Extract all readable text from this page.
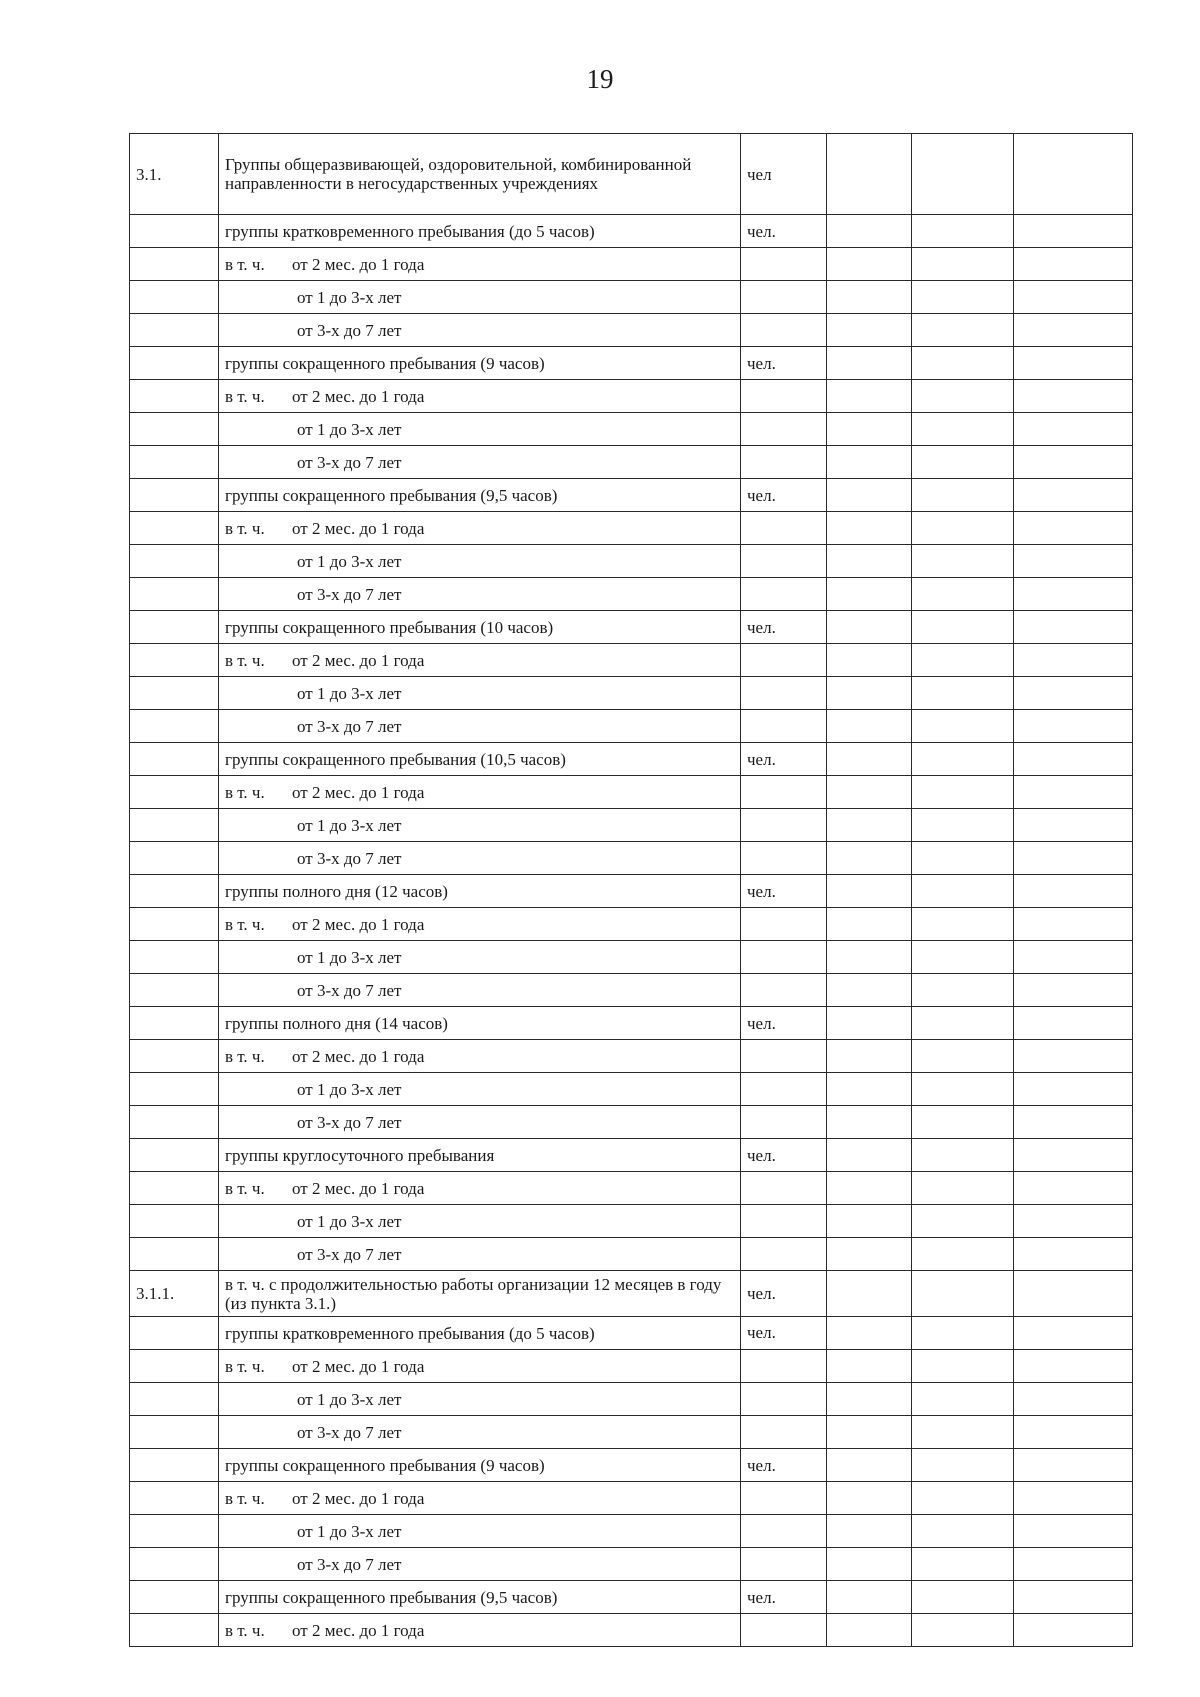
19
3.1.	Группы общеразвивающей, оздоровительной, комбинированной направленности в негосударственных учреждениях	чел			
	группы кратковременного пребывания (до 5 часов)	чел.			
	в т. ч. от 2 мес. до 1 года				
	от 1 до 3-х лет				
	от 3-х до 7 лет				
	группы сокращенного пребывания (9 часов)	чел.			
	в т. ч. от 2 мес. до 1 года				
	от 1 до 3-х лет				
	от 3-х до 7 лет				
	группы сокращенного пребывания (9,5 часов)	чел.			
	в т. ч. от 2 мес. до 1 года				
	от 1 до 3-х лет				
	от 3-х до 7 лет				
	группы сокращенного пребывания (10 часов)	чел.			
	в т. ч. от 2 мес. до 1 года				
	от 1 до 3-х лет				
	от 3-х до 7 лет				
	группы сокращенного пребывания (10,5 часов)	чел.			
	в т. ч. от 2 мес. до 1 года				
	от 1 до 3-х лет				
	от 3-х до 7 лет				
	группы полного дня (12 часов)	чел.			
	в т. ч. от 2 мес. до 1 года				
	от 1 до 3-х лет				
	от 3-х до 7 лет				
	группы полного дня (14 часов)	чел.			
	в т. ч. от 2 мес. до 1 года				
	от 1 до 3-х лет				
	от 3-х до 7 лет				
	группы круглосуточного пребывания	чел.			
	в т. ч. от 2 мес. до 1 года				
	от 1 до 3-х лет				
	от 3-х до 7 лет				
3.1.1.	в т. ч. с продолжительностью работы организации 12 месяцев в году (из пункта 3.1.)	чел.			
	группы кратковременного пребывания (до 5 часов)	чел.			
	в т. ч. от 2 мес. до 1 года				
	от 1 до 3-х лет				
	от 3-х до 7 лет				
	группы сокращенного пребывания (9 часов)	чел.			
	в т. ч. от 2 мес. до 1 года				
	от 1 до 3-х лет				
	от 3-х до 7 лет				
	группы сокращенного пребывания (9,5 часов)	чел.			
	в т. ч. от 2 мес. до 1 года				
